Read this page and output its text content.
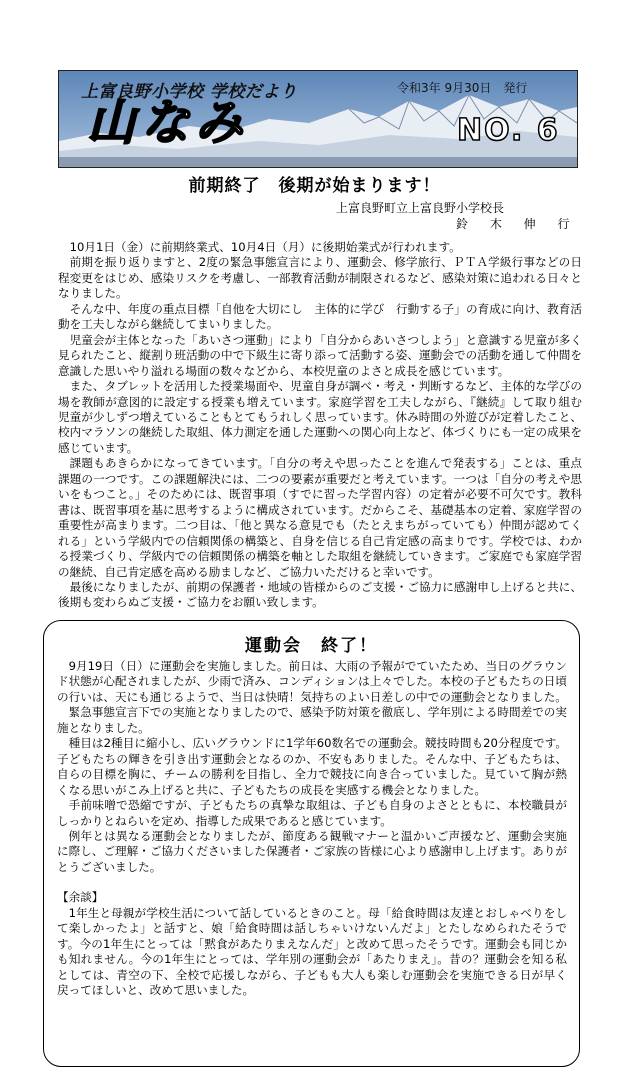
上富良野小学校 学校だより	令和3年 9月30日　発行
山なみ	NO. 6
前期終了　後期が始まります！
上富良野町立上富良野小学校長
鈴 木 伸 行

10月1日（金）に前期終業式、10月4日（月）に後期始業式が行われます。

前期を振り返りますと、2度の緊急事態宣言により、運動会、修学旅行、ＰＴＡ学級行事などの日程変更をはじめ、感染リスクを考慮し、一部教育活動が制限されるなど、感染対策に追われる日々となりました。

そんな中、年度の重点目標「自他を大切にし　主体的に学び　行動する子」の育成に向け、教育活動を工夫しながら継続してまいりました。

児童会が主体となった「あいさつ運動」により「自分からあいさつしよう」と意識する児童が多く見られたこと、縦割り班活動の中で下級生に寄り添って活動する姿、運動会での活動を通して仲間を意識した思いやり溢れる場面の数々などから、本校児童のよさと成長を感じています。

また、タブレットを活用した授業場面や、児童自身が調べ・考え・判断するなど、主体的な学びの場を教師が意図的に設定する授業も増えています。家庭学習を工夫しながら、『継続』して取り組む児童が少しずつ増えていることもとてもうれしく思っています。休み時間の外遊びが定着したこと、校内マラソンの継続した取組、体力測定を通した運動への関心向上など、体づくりにも一定の成果を感じています。

課題もあきらかになってきています。「自分の考えや思ったことを進んで発表する」ことは、重点課題の一つです。この課題解決には、二つの要素が重要だと考えています。一つは「自分の考えや思いをもつこと。」そのためには、既習事項（すでに習った学習内容）の定着が必要不可欠です。教科書は、既習事項を基に思考するように構成されています。だからこそ、基礎基本の定着、家庭学習の重要性が高まります。二つ目は、「他と異なる意見でも（たとえまちがっていても）仲間が認めてくれる」という学級内での信頼関係の構築と、自身を信じる自己肯定感の高まりです。学校では、わかる授業づくり、学級内での信頼関係の構築を軸とした取組を継続していきます。ご家庭でも家庭学習の継続、自己肯定感を高める励ましなど、ご協力いただけると幸いです。

最後になりましたが、前期の保護者・地域の皆様からのご支援・ご協力に感謝申し上げると共に、後期も変わらぬご支援・ご協力をお願い致します。

運動会　終了！

9月19日（日）に運動会を実施しました。前日は、大雨の予報がでていたため、当日のグラウンド状態が心配されましたが、少雨で済み、コンディションは上々でした。本校の子どもたちの日頃の行いは、天にも通じるようで、当日は快晴！気持ちのよい日差しの中での運動会となりました。

緊急事態宣言下での実施となりましたので、感染予防対策を徹底し、学年別による時間差での実施となりました。

種目は2種目に縮小し、広いグラウンドに1学年60数名での運動会。競技時間も20分程度です。子どもたちの輝きを引き出す運動会となるのか、不安もありました。そんな中、子どもたちは、自らの目標を胸に、チームの勝利を目指し、全力で競技に向き合っていました。見ていて胸が熱くなる思いがこみ上げると共に、子どもたちの成長を実感する機会となりました。

手前味噌で恐縮ですが、子どもたちの真摯な取組は、子ども自身のよさとともに、本校職員がしっかりとねらいを定め、指導した成果であると感じています。

例年とは異なる運動会となりましたが、節度ある観戦マナーと温かいご声援など、運動会実施に際し、ご理解・ご協力くださいました保護者・ご家族の皆様に心より感謝申し上げます。ありがとうございました。

【余談】

1年生と母親が学校生活について話しているときのこと。母「給食時間は友達とおしゃべりをして楽しかったよ」と話すと、娘「給食時間は話しちゃいけないんだよ」とたしなめられたそうです。今の1年生にとっては「黙食があたりまえなんだ」と改めて思ったそうです。運動会も同じかも知れません。今の1年生にとっては、学年別の運動会が「あたりまえ」。昔の？運動会を知る私としては、青空の下、全校で応援しながら、子どもも大人も楽しむ運動会を実施できる日が早く戻ってほしいと、改めて思いました。
